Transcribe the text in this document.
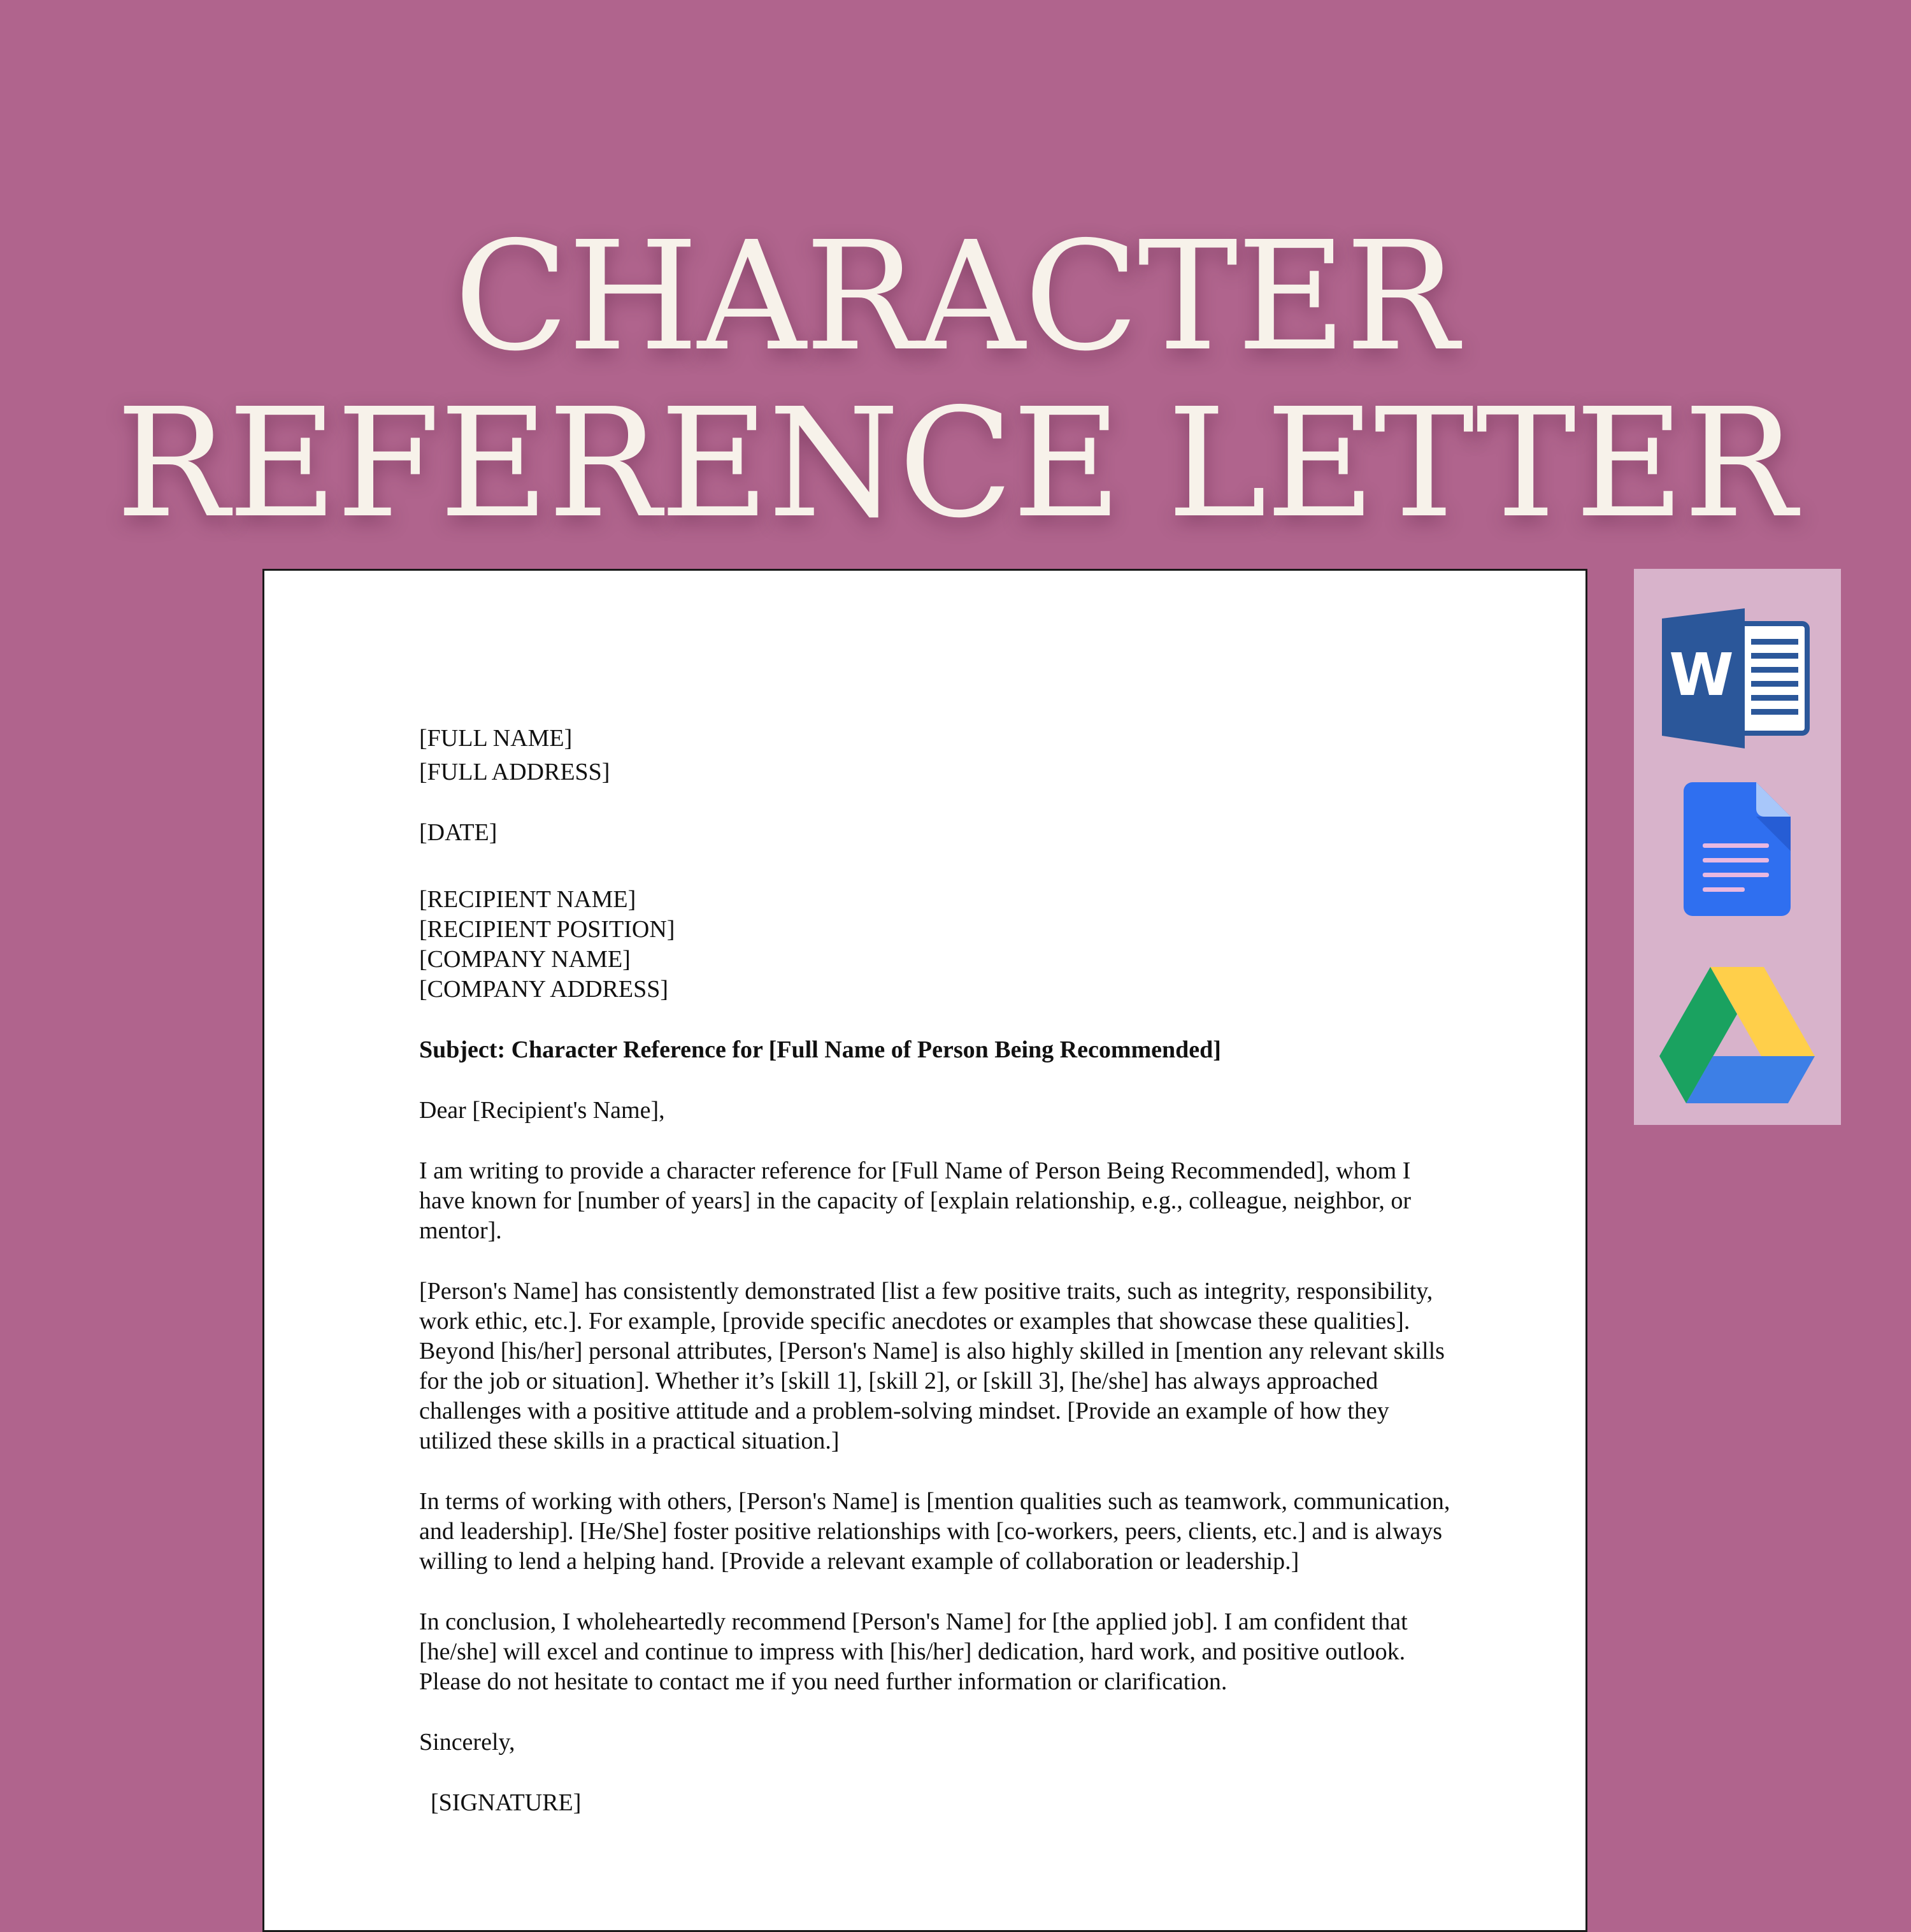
CHARACTER
REFERENCE LETTER

[FULL NAME]

[FULL ADDRESS]

[DATE]

[RECIPIENT NAME]

[RECIPIENT POSITION]

[COMPANY NAME]

[COMPANY ADDRESS]

Subject: Character Reference for [Full Name of Person Being Recommended]

Dear [Recipient's Name],

I am writing to provide a character reference for [Full Name of Person Being Recommended], whom I have known for [number of years] in the capacity of [explain relationship, e.g., colleague, neighbor, or mentor].

[Person's Name] has consistently demonstrated [list a few positive traits, such as integrity, responsibility, work ethic, etc.]. For example, [provide specific anecdotes or examples that showcase these qualities]. Beyond [his/her] personal attributes, [Person's Name] is also highly skilled in [mention any relevant skills for the job or situation]. Whether it’s [skill 1], [skill 2], or [skill 3], [he/she] has always approached challenges with a positive attitude and a problem-solving mindset. [Provide an example of how they utilized these skills in a practical situation.]

In terms of working with others, [Person's Name] is [mention qualities such as teamwork, communication, and leadership]. [He/She] foster positive relationships with [co-workers, peers, clients, etc.] and is always willing to lend a helping hand. [Provide a relevant example of collaboration or leadership.]

In conclusion, I wholeheartedly recommend [Person's Name] for [the applied job]. I am confident that [he/she] will excel and continue to impress with [his/her] dedication, hard work, and positive outlook. Please do not hesitate to contact me if you need further information or clarification.

Sincerely,

[SIGNATURE]

W
